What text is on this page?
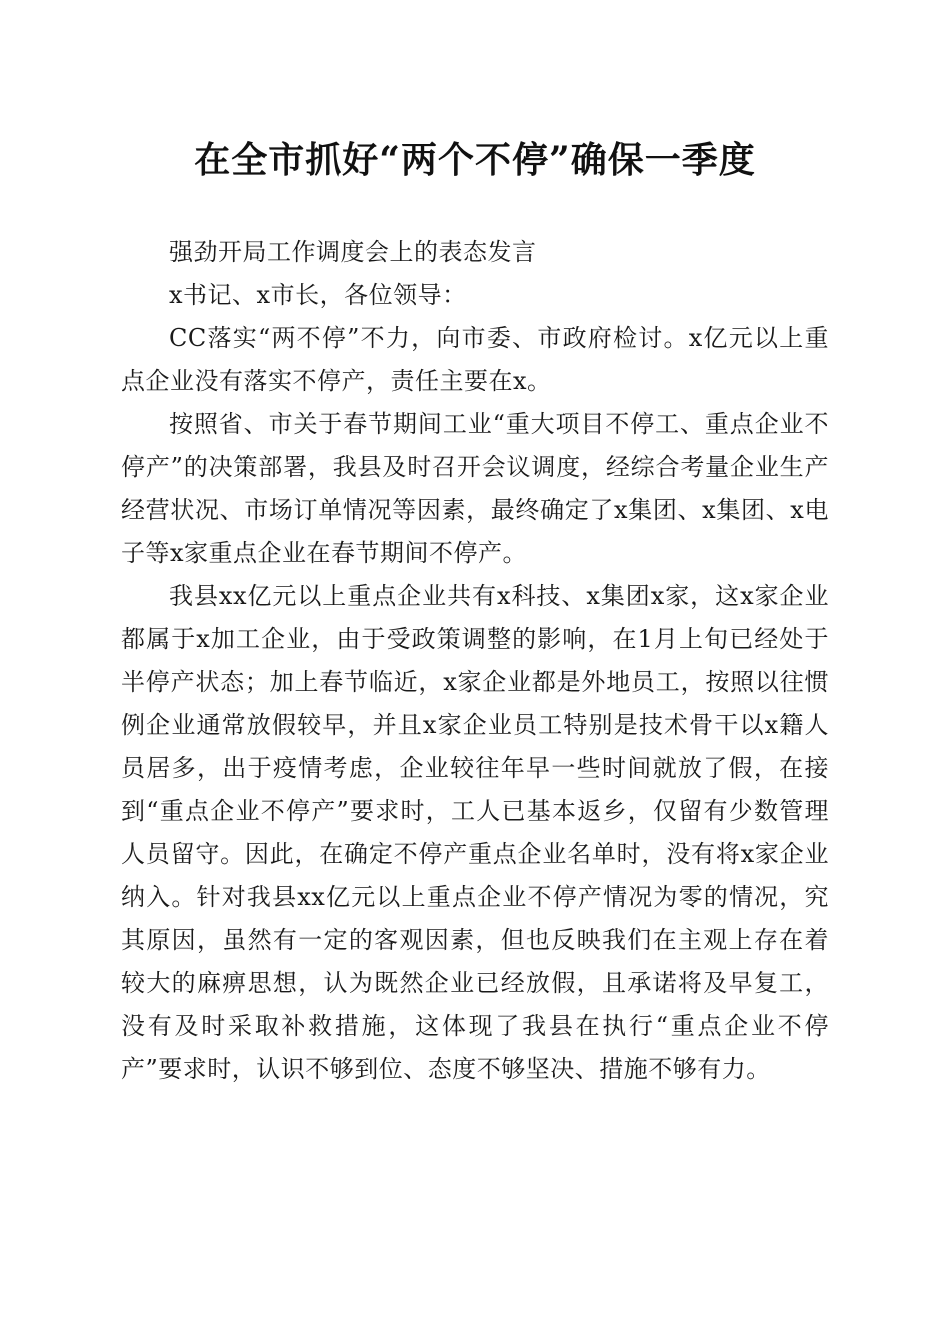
在全市抓好“两个不停”确保一季度

强劲开局工作调度会上的表态发言

x书记、x市长，各位领导：

CC落实“两不停”不力，向市委、市政府检讨。x亿元以上重点企业没有落实不停产，责任主要在x。

按照省、市关于春节期间工业“重大项目不停工、重点企业不停产”的决策部署，我县及时召开会议调度，经综合考量企业生产经营状况、市场订单情况等因素，最终确定了x集团、x集团、x电子等x家重点企业在春节期间不停产。

我县xx亿元以上重点企业共有x科技、x集团x家，这x家企业都属于x加工企业，由于受政策调整的影响，在1月上旬已经处于半停产状态；加上春节临近，x家企业都是外地员工，按照以往惯例企业通常放假较早，并且x家企业员工特别是技术骨干以x籍人员居多，出于疫情考虑，企业较往年早一些时间就放了假，在接到“重点企业不停产”要求时，工人已基本返乡，仅留有少数管理人员留守。因此，在确定不停产重点企业名单时，没有将x家企业纳入。针对我县xx亿元以上重点企业不停产情况为零的情况，究其原因，虽然有一定的客观因素，但也反映我们在主观上存在着较大的麻痹思想，认为既然企业已经放假，且承诺将及早复工，没有及时采取补救措施，这体现了我县在执行“重点企业不停产”要求时，认识不够到位、态度不够坚决、措施不够有力。
